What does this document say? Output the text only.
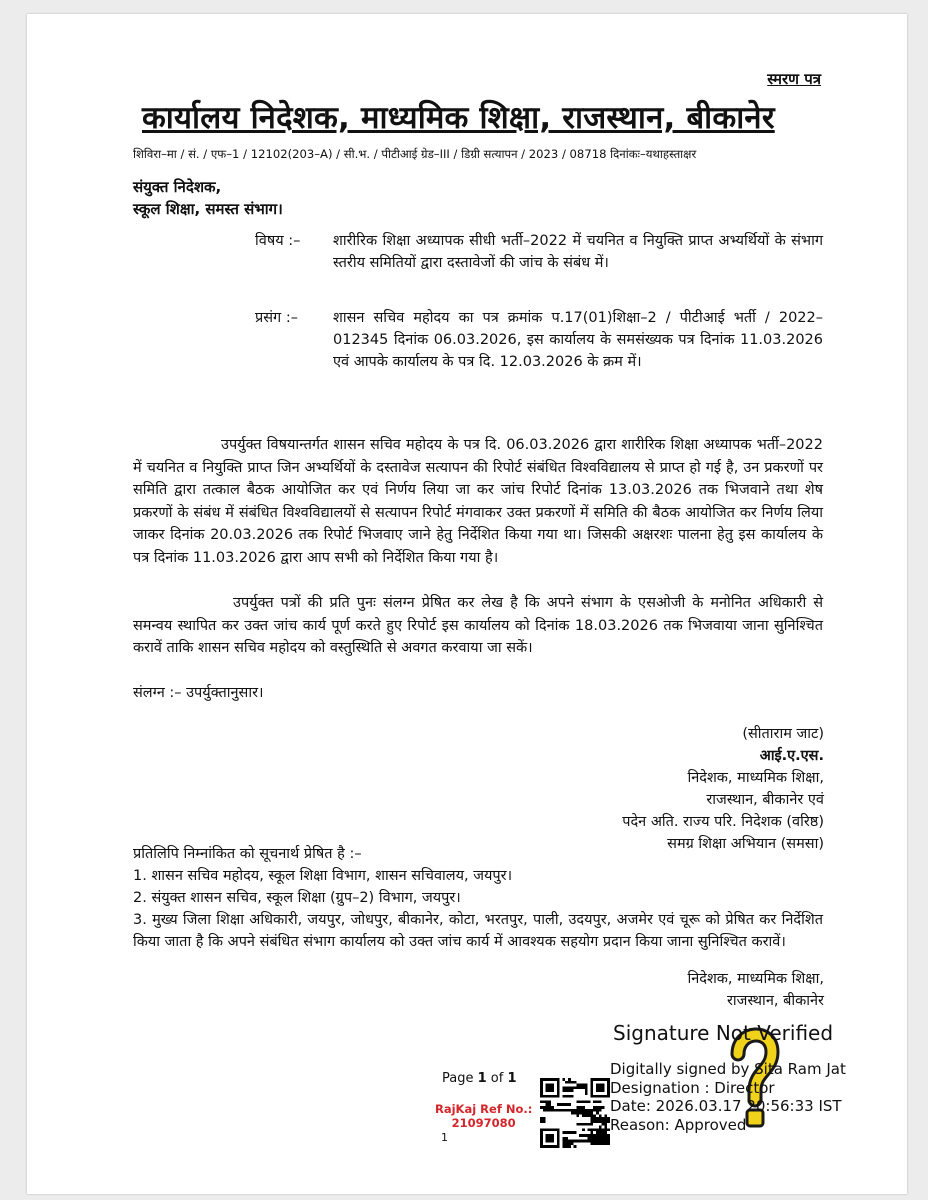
स्मरण पत्र
कार्यालय निदेशक, माध्यमिक शिक्षा, राजस्थान, बीकानेर
शिविरा–मा / सं. / एफ–1 / 12102(203–A) / सी.भ. / पीटीआई ग्रेड–III / डिग्री सत्यापन / 2023 / 08718 दिनांकः–यथाहस्ताक्षर
संयुक्त निदेशक,
स्कूल शिक्षा, समस्त संभाग।
विषय :–	शारीरिक शिक्षा अध्यापक सीधी भर्ती–2022 में चयनित व नियुक्ति प्राप्त अभ्यर्थियों के संभाग स्तरीय समितियों द्वारा दस्तावेजों की जांच के संबंध में।
प्रसंग :–	शासन सचिव महोदय का पत्र क्रमांक प.17(01)शिक्षा–2 / पीटीआई भर्ती / 2022–012345 दिनांक 06.03.2026, इस कार्यालय के समसंख्यक पत्र दिनांक 11.03.2026 एवं आपके कार्यालय के पत्र दि. 12.03.2026 के क्रम में।
उपर्युक्त विषयान्तर्गत शासन सचिव महोदय के पत्र दि. 06.03.2026 द्वारा शारीरिक शिक्षा अध्यापक भर्ती–2022 में चयनित व नियुक्ति प्राप्त जिन अभ्यर्थियों के दस्तावेज सत्यापन की रिपोर्ट संबंधित विश्वविद्यालय से प्राप्त हो गई है, उन प्रकरणों पर समिति द्वारा तत्काल बैठक आयोजित कर एवं निर्णय लिया जा कर जांच रिपोर्ट दिनांक 13.03.2026 तक भिजवाने तथा शेष प्रकरणों के संबंध में संबंधित विश्वविद्यालयों से सत्यापन रिपोर्ट मंगवाकर उक्त प्रकरणों में समिति की बैठक आयोजित कर निर्णय लिया जाकर दिनांक 20.03.2026 तक रिपोर्ट भिजवाए जाने हेतु निर्देशित किया गया था। जिसकी अक्षरशः पालना हेतु इस कार्यालय के पत्र दिनांक 11.03.2026 द्वारा आप सभी को निर्देशित किया गया है।
उपर्युक्त पत्रों की प्रति पुनः संलग्न प्रेषित कर लेख है कि अपने संभाग के एसओजी के मनोनित अधिकारी से समन्वय स्थापित कर उक्त जांच कार्य पूर्ण करते हुए रिपोर्ट इस कार्यालय को दिनांक 18.03.2026 तक भिजवाया जाना सुनिश्चित करावें ताकि शासन सचिव महोदय को वस्तुस्थिति से अवगत करवाया जा सकें।
संलग्न :– उपर्युक्तानुसार।
(सीताराम जाट)
आई.ए.एस.
निदेशक, माध्यमिक शिक्षा,
राजस्थान, बीकानेर एवं
पदेन अति. राज्य परि. निदेशक (वरिष्ठ)
समग्र शिक्षा अभियान (समसा)
प्रतिलिपि निम्नांकित को सूचनार्थ प्रेषित है :–
1. शासन सचिव महोदय, स्कूल शिक्षा विभाग, शासन सचिवालय, जयपुर।
2. संयुक्त शासन सचिव, स्कूल शिक्षा (ग्रुप–2) विभाग, जयपुर।
3. मुख्य जिला शिक्षा अधिकारी, जयपुर, जोधपुर, बीकानेर, कोटा, भरतपुर, पाली, उदयपुर, अजमेर एवं चूरू को प्रेषित कर निर्देशित किया जाता है कि अपने संबंधित संभाग कार्यालय को उक्त जांच कार्य में आवश्यक सहयोग प्रदान किया जाना सुनिश्चित करावें।
निदेशक, माध्यमिक शिक्षा,
राजस्थान, बीकानेर
Signature Not Verified
Digitally signed by Sita Ram Jat
Designation : Director
Date: 2026.03.17 20:56:33 IST
Reason: Approved
Page 1 of 1
RajKaj Ref No.:
21097080
1
